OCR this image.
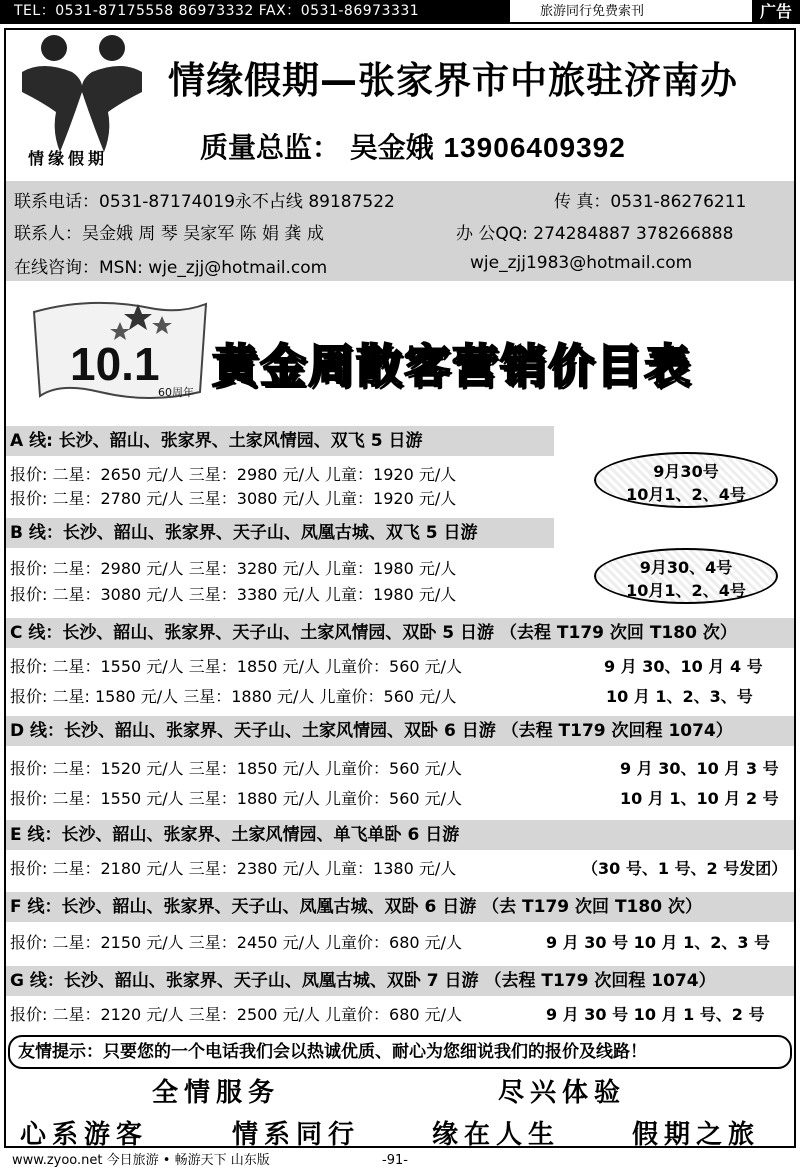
TEL：0531-87175558 86973332 FAX：0531-86973331	旅游同行免费索刊	广告
情缘假期
情缘假期—张家界市中旅驻济南办
质量总监： 吴金娥 13906409392
联系电话：0531-87174019永不占线 89187522	传 真：0531-86276211
联系人：吴金娥 周 琴 吴家军 陈 娟 龚 成	办 公QQ: 274284887 378266888
在线咨询：MSN: wje_zjj@hotmail.com	wje_zjj1983@hotmail.com
10.1
60周年 黄金周散客营销价目表
A 线: 长沙、韶山、张家界、土家风情园、双飞 5 日游
报价: 二星：2650 元/人 三星：2980 元/人 儿童：1920 元/人
报价: 二星：2780 元/人 三星：3080 元/人 儿童：1920 元/人
9月30号
10月1、2、4号
B 线：长沙、韶山、张家界、天子山、凤凰古城、双飞 5 日游
报价: 二星：2980 元/人 三星：3280 元/人 儿童：1980 元/人
报价: 二星：3080 元/人 三星：3380 元/人 儿童：1980 元/人
9月30、4号
10月1、2、4号
C 线：长沙、韶山、张家界、天子山、土家风情园、双卧 5 日游 （去程 T179 次回 T180 次）
报价: 二星：1550 元/人 三星：1850 元/人 儿童价：560 元/人	9 月 30、10 月 4 号
报价: 二星: 1580 元/人 三星：1880 元/人 儿童价：560 元/人	10 月 1、2、3、号
D 线：长沙、韶山、张家界、天子山、土家风情园、双卧 6 日游 （去程 T179 次回程 1074）
报价: 二星：1520 元/人 三星：1850 元/人 儿童价：560 元/人	9 月 30、10 月 3 号
报价: 二星：1550 元/人 三星：1880 元/人 儿童价：560 元/人	10 月 1、10 月 2 号
E 线：长沙、韶山、张家界、土家风情园、单飞单卧 6 日游
报价: 二星：2180 元/人 三星：2380 元/人 儿童：1380 元/人	（30 号、1 号、2 号发团）
F 线：长沙、韶山、张家界、天子山、凤凰古城、双卧 6 日游 （去 T179 次回 T180 次）
报价: 二星：2150 元/人 三星：2450 元/人 儿童价：680 元/人	9 月 30 号 10 月 1、2、3 号
G 线：长沙、韶山、张家界、天子山、凤凰古城、双卧 7 日游 （去程 T179 次回程 1074）
报价: 二星：2120 元/人 三星：2500 元/人 儿童价：680 元/人	9 月 30 号 10 月 1 号、2 号
友情提示：只要您的一个电话我们会以热诚优质、耐心为您细说我们的报价及线路！
全情服务	尽兴体验
心系游客	情系同行	缘在人生	假期之旅
www.zyoo.net 今日旅游 • 畅游天下 山东版	-91-
